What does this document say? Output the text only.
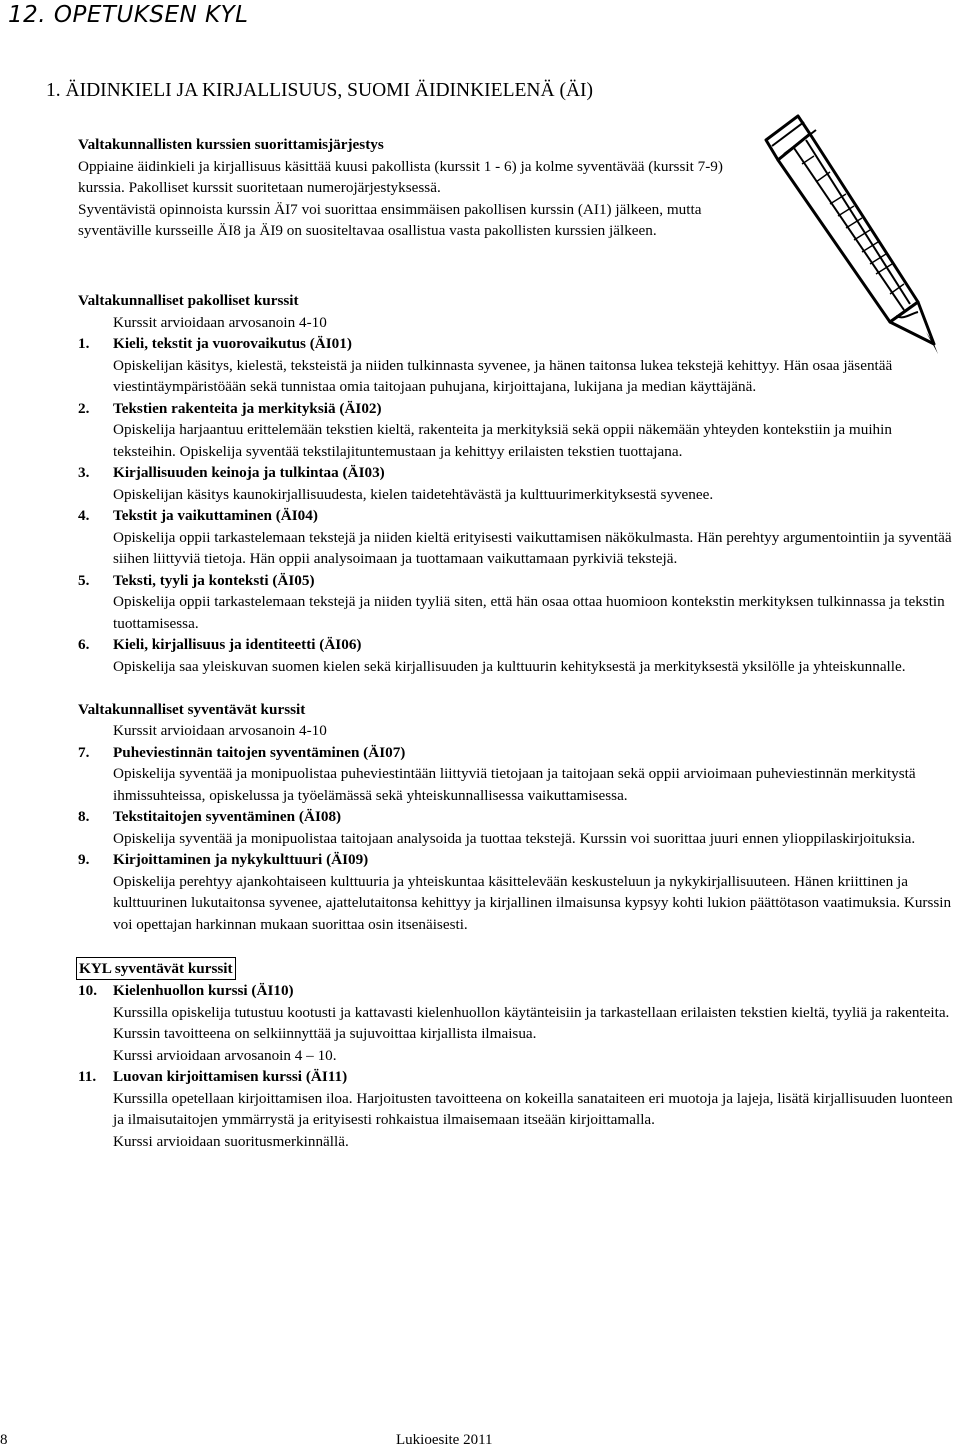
12. OPETUKSEN KYL
1. ÄIDINKIELI JA KIRJALLISUUS, SUOMI ÄIDINKIELENÄ (ÄI)

Valtakunnallisten kurssien suorittamisjärjestys

Oppiaine äidinkieli ja kirjallisuus käsittää kuusi pakollista (kurssit 1 - 6) ja kolme syventävää (kurssit 7-9) kurssia. Pakolliset kurssit suoritetaan numerojärjestyksessä.

Syventävistä opinnoista kurssin ÄI7 voi suorittaa ensimmäisen pakollisen kurssin (AI1) jälkeen, mutta syventäville kursseille ÄI8 ja ÄI9 on suositeltavaa osallistua vasta pakollisten kurssien jälkeen.

Valtakunnalliset pakolliset kurssit

Kurssit arvioidaan arvosanoin 4-10

1.	Kieli, tekstit ja vuorovaikutus (ÄI01)
Opiskelijan käsitys, kielestä, teksteistä ja niiden tulkinnasta syvenee, ja hänen taitonsa lukea tekstejä kehittyy. Hän osaa jäsentää viestintäympäristöään sekä tunnistaa omia taitojaan puhujana, kirjoittajana, lukijana ja median käyttäjänä.
2.	Tekstien rakenteita ja merkityksiä (ÄI02)
Opiskelija harjaantuu erittelemään tekstien kieltä, rakenteita ja merkityksiä sekä oppii näkemään yhteyden kontekstiin ja muihin teksteihin. Opiskelija syventää tekstilajituntemustaan ja kehittyy erilaisten tekstien tuottajana.
3.	Kirjallisuuden keinoja ja tulkintaa (ÄI03)
Opiskelijan käsitys kaunokirjallisuudesta, kielen taidetehtävästä ja kulttuurimerkityksestä syvenee.
4.	Tekstit ja vaikuttaminen (ÄI04)
Opiskelija oppii tarkastelemaan tekstejä ja niiden kieltä erityisesti vaikuttamisen näkökulmasta. Hän perehtyy argumentointiin ja syventää siihen liittyviä tietoja. Hän oppii analysoimaan ja tuottamaan vaikuttamaan pyrkiviä tekstejä.
5.	Teksti, tyyli ja konteksti (ÄI05)
Opiskelija oppii tarkastelemaan tekstejä ja niiden tyyliä siten, että hän osaa ottaa huomioon kontekstin merkityksen tulkinnassa ja tekstin tuottamisessa.
6.	Kieli, kirjallisuus ja identiteetti (ÄI06)
Opiskelija saa yleiskuvan suomen kielen sekä kirjallisuuden ja kulttuurin kehityksestä ja merkityksestä yksilölle ja yhteiskunnalle.

Valtakunnalliset syventävät kurssit

Kurssit arvioidaan arvosanoin 4-10

7.	Puheviestinnän taitojen syventäminen (ÄI07)
Opiskelija syventää ja monipuolistaa puheviestintään liittyviä tietojaan ja taitojaan sekä oppii arvioimaan puheviestinnän merkitystä ihmissuhteissa, opiskelussa ja työelämässä sekä yhteiskunnallisessa vaikuttamisessa.
8.	Tekstitaitojen syventäminen (ÄI08)
Opiskelija syventää ja monipuolistaa taitojaan analysoida ja tuottaa tekstejä. Kurssin voi suorittaa juuri ennen ylioppilaskirjoituksia.
9.	Kirjoittaminen ja nykykulttuuri (ÄI09)
Opiskelija perehtyy ajankohtaiseen kulttuuria ja yhteiskuntaa käsittelevään keskusteluun ja nykykirjallisuuteen. Hänen kriittinen ja kulttuurinen lukutaitonsa syvenee, ajattelutaitonsa kehittyy ja kirjallinen ilmaisunsa kypsyy kohti lukion päättötason vaatimuksia. Kurssin voi opettajan harkinnan mukaan suorittaa osin itsenäisesti.
KYL syventävät kurssit
10.	Kielenhuollon kurssi (ÄI10)
Kurssilla opiskelija tutustuu kootusti ja kattavasti kielenhuollon käytänteisiin ja tarkastellaan erilaisten tekstien kieltä, tyyliä ja rakenteita. Kurssin tavoitteena on selkiinnyttää ja sujuvoittaa kirjallista ilmaisua.
Kurssi arvioidaan arvosanoin 4 – 10.
11.	Luovan kirjoittamisen kurssi (ÄI11)
Kurssilla opetellaan kirjoittamisen iloa. Harjoitusten tavoitteena on kokeilla sanataiteen eri muotoja ja lajeja, lisätä kirjallisuuden luonteen ja ilmaisutaitojen ymmärrystä ja erityisesti rohkaistua ilmaisemaan itseään kirjoittamalla.
Kurssi arvioidaan suoritusmerkinnällä.
8	Lukioesite 2011
